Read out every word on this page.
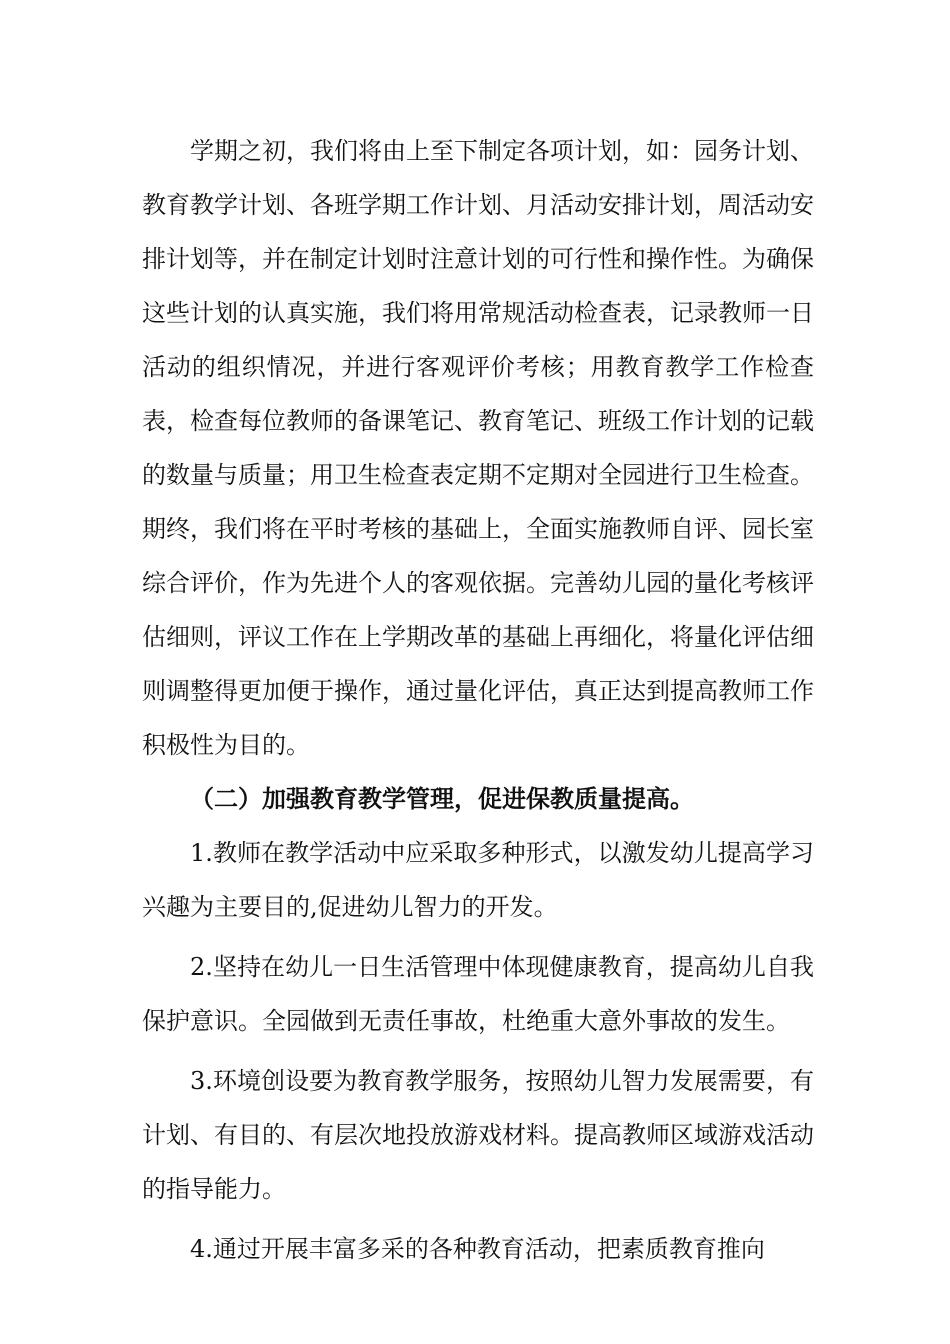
学期之初，我们将由上至下制定各项计划，如：园务计划、教育教学计划、各班学期工作计划、月活动安排计划，周活动安排计划等，并在制定计划时注意计划的可行性和操作性。为确保这些计划的认真实施，我们将用常规活动检查表，记录教师一日活动的组织情况，并进行客观评价考核；用教育教学工作检查表，检查每位教师的备课笔记、教育笔记、班级工作计划的记载的数量与质量；用卫生检查表定期不定期对全园进行卫生检查。期终，我们将在平时考核的基础上，全面实施教师自评、园长室综合评价，作为先进个人的客观依据。完善幼儿园的量化考核评估细则，评议工作在上学期改革的基础上再细化，将量化评估细则调整得更加便于操作，通过量化评估，真正达到提高教师工作积极性为目的。

（二）加强教育教学管理，促进保教质量提高。

1.教师在教学活动中应采取多种形式，以激发幼儿提高学习兴趣为主要目的,促进幼儿智力的开发。

2.坚持在幼儿一日生活管理中体现健康教育，提高幼儿自我保护意识。全园做到无责任事故，杜绝重大意外事故的发生。

3.环境创设要为教育教学服务，按照幼儿智力发展需要，有计划、有目的、有层次地投放游戏材料。提高教师区域游戏活动的指导能力。

4.通过开展丰富多采的各种教育活动，把素质教育推向
